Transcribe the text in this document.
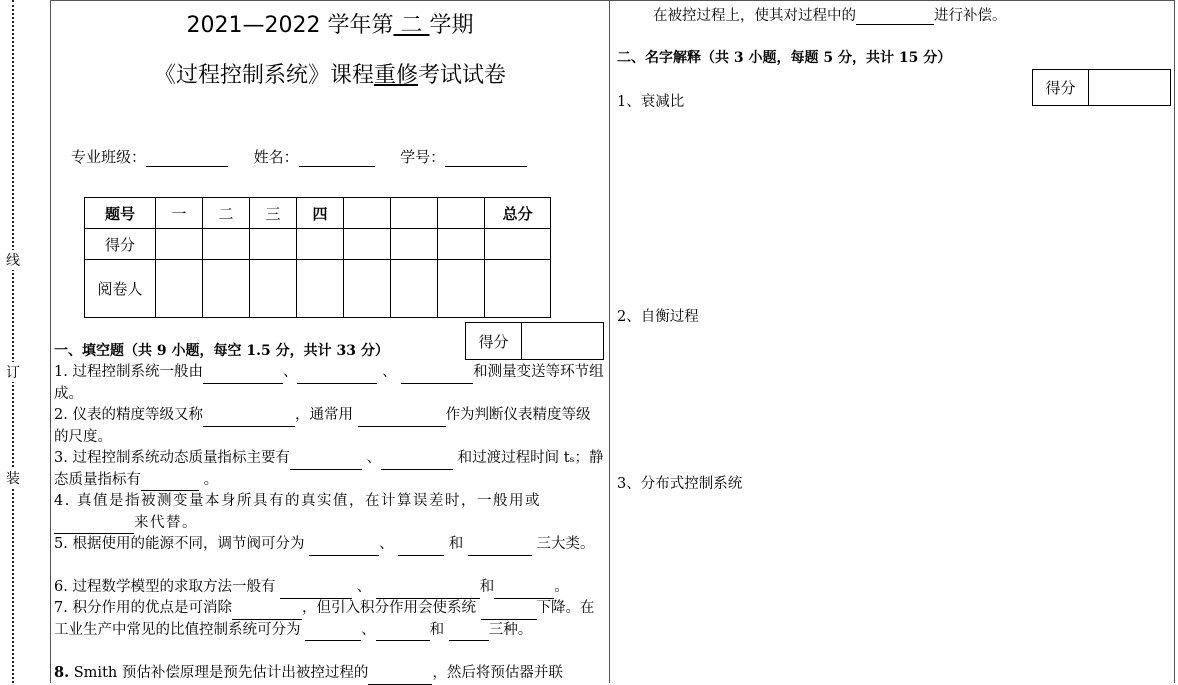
线
订
装
2021—2022 学年第 二 学期
《过程控制系统》课程重修考试试卷
专业班级：	姓名：	学号：
题号	一	二	三	四				总分
得分								
阅卷人								
得分
一、填空题（共 9 小题，每空 1.5 分，共计 33 分）

1. 过程控制系统一般由	、	、	和测量变送等环节组成。

2. 仪表的精度等级又称	，通常用	作为判断仪表精度等级的尺度。

3. 过程控制系统动态质量指标主要有	、	和过渡过程时间 tₛ；静态质量指标有	。

4. 真值是指被测变量本身所具有的真实值，在计算误差时，一般用或 来代替。

5. 根据使用的能源不同，调节阀可分为	、	和	三大类。

6. 过程数学模型的求取方法一般有	、	和	。

7. 积分作用的优点是可消除	，但引入积分作用会使系统	下降。在工业生产中常见的比值控制系统可分为	、	和	三种。

8. Smith 预估补偿原理是预先估计出被控过程的	，然后将预估器并联

在被控过程上，使其对过程中的	进行补偿。
二、名字解释（共 3 小题，每题 5 分，共计 15 分）
得分
1、衰减比
2、自衡过程
3、分布式控制系统
